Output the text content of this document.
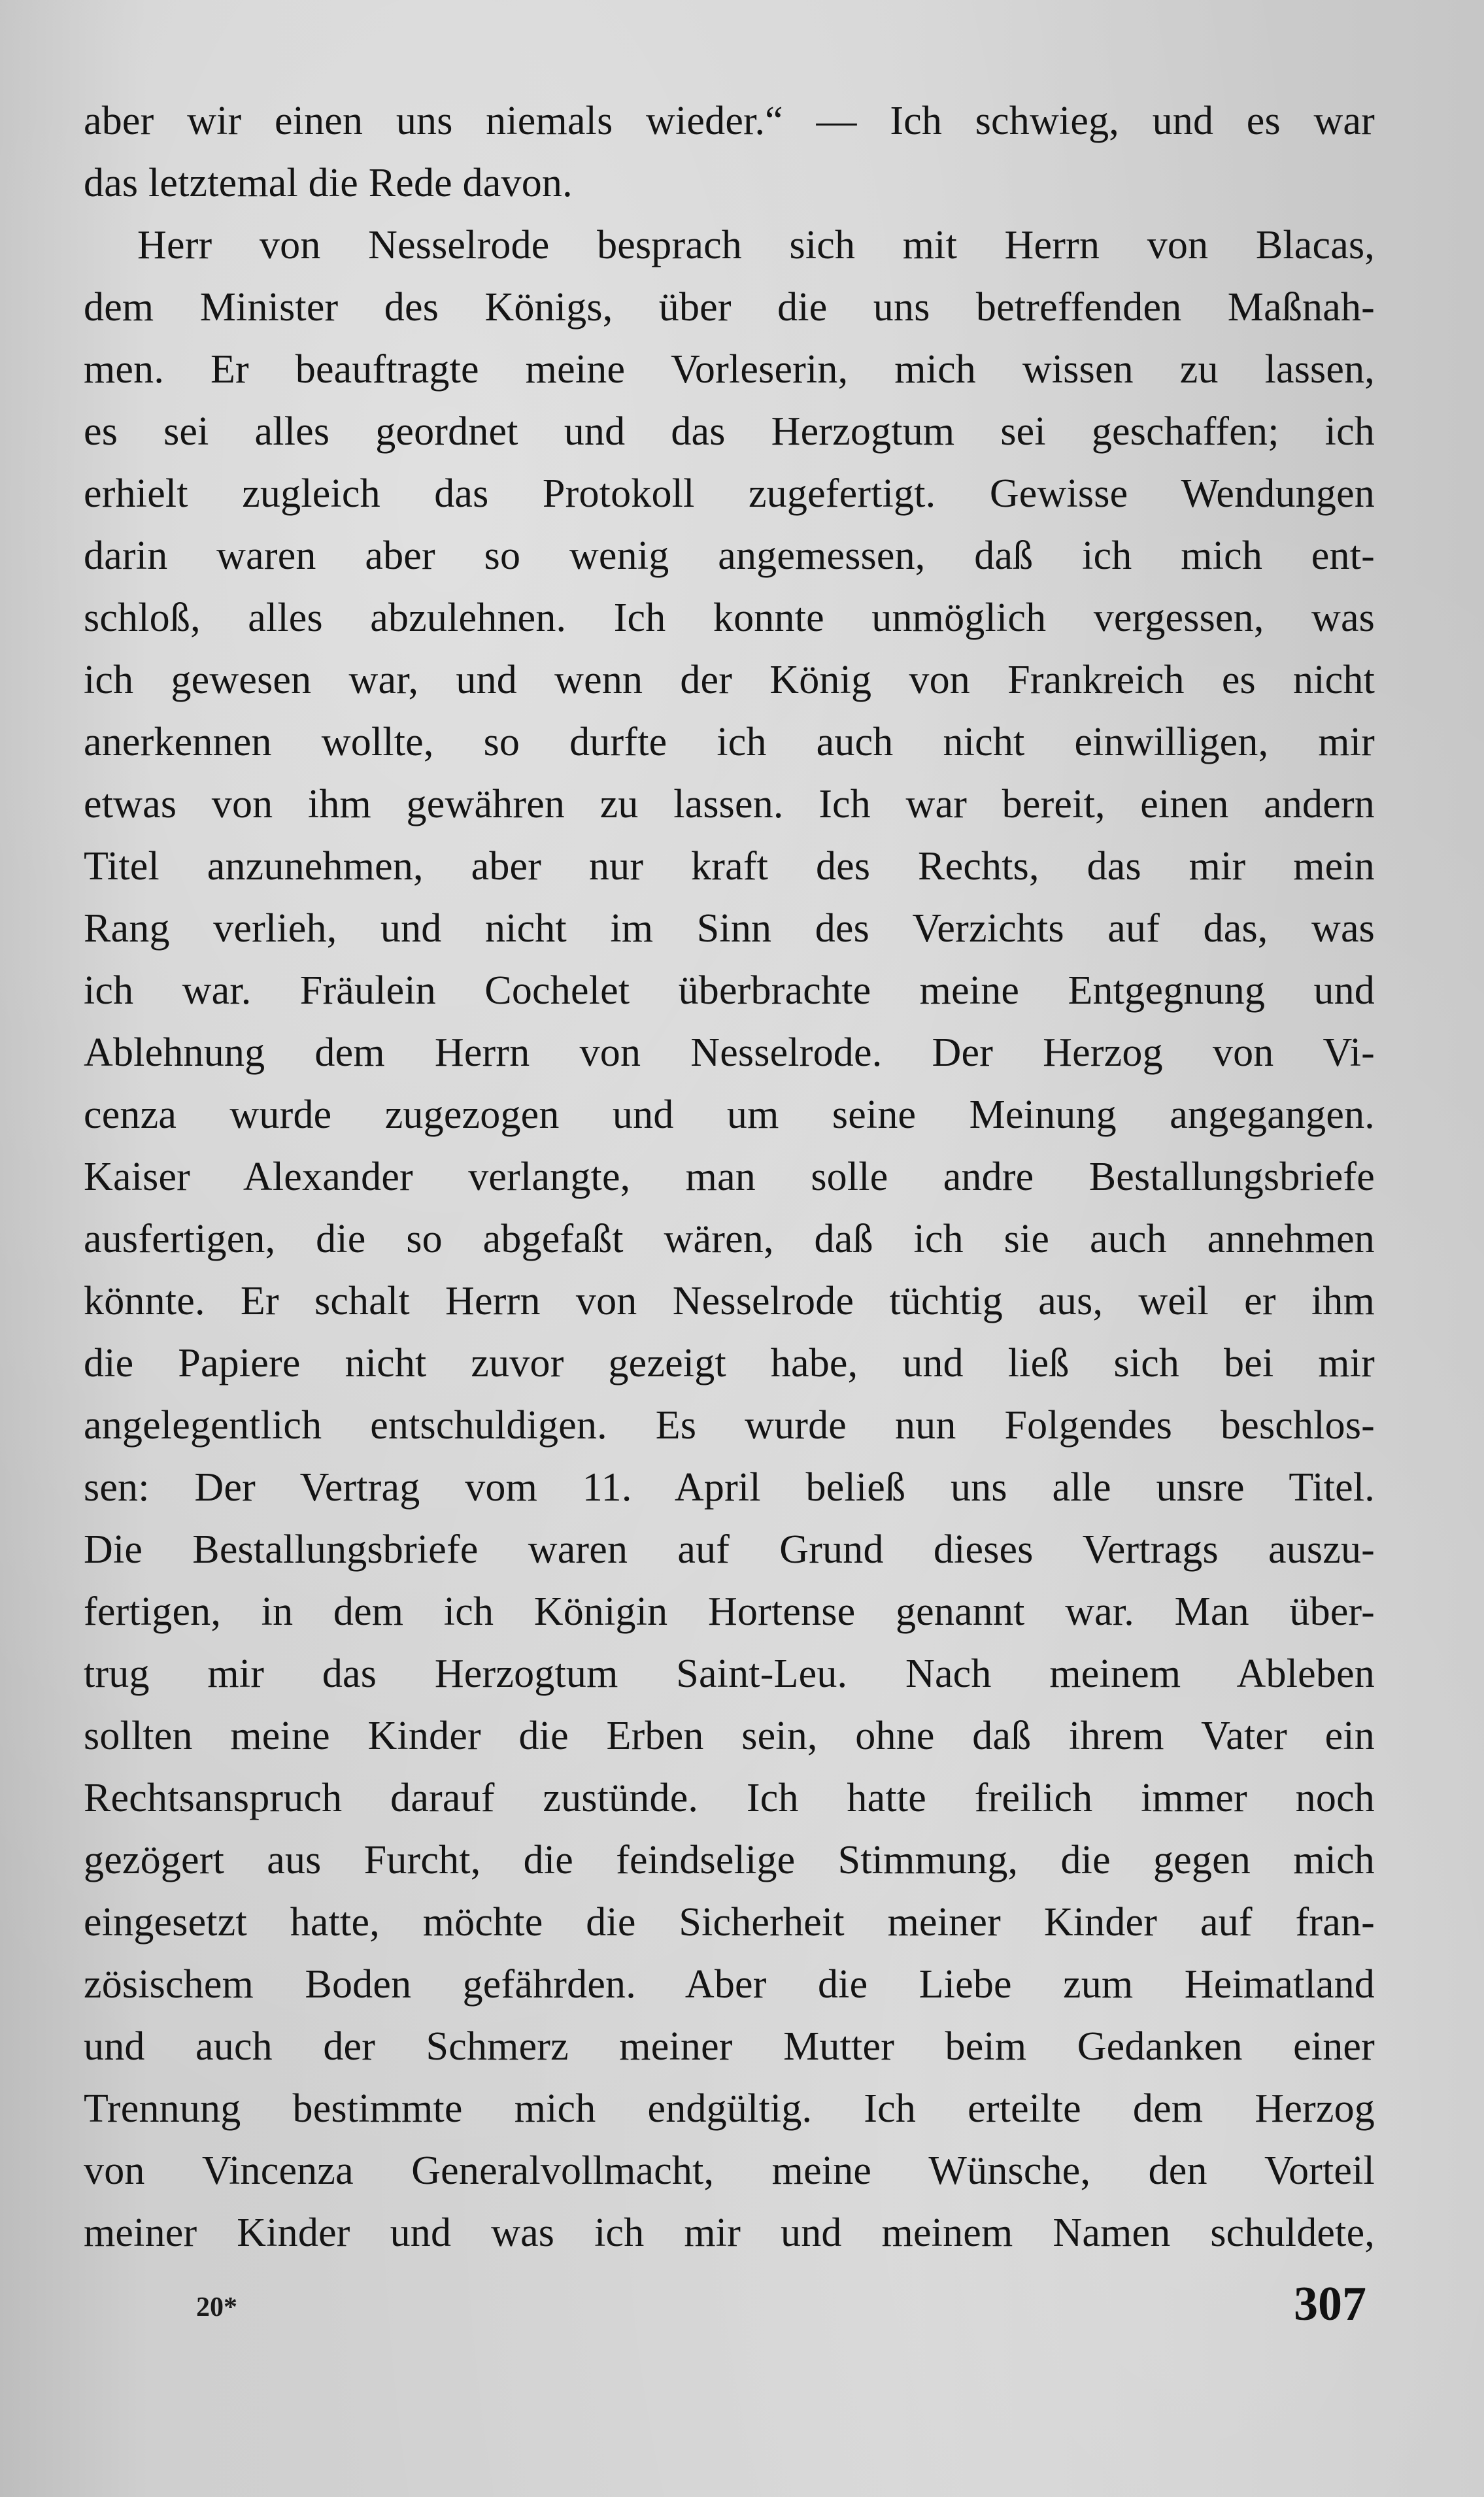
aber wir einen uns niemals wieder.“ — Ich schwieg, und es war
das letztemal die Rede davon.
Herr von Nesselrode besprach sich mit Herrn von Blacas,
dem Minister des Königs, über die uns betreffenden Maßnah-
men. Er beauftragte meine Vorleserin, mich wissen zu lassen,
es sei alles geordnet und das Herzogtum sei geschaffen; ich
erhielt zugleich das Protokoll zugefertigt. Gewisse Wendungen
darin waren aber so wenig angemessen, daß ich mich ent-
schloß, alles abzulehnen. Ich konnte unmöglich vergessen, was
ich gewesen war, und wenn der König von Frankreich es nicht
anerkennen wollte, so durfte ich auch nicht einwilligen, mir
etwas von ihm gewähren zu lassen. Ich war bereit, einen andern
Titel anzunehmen, aber nur kraft des Rechts, das mir mein
Rang verlieh, und nicht im Sinn des Verzichts auf das, was
ich war. Fräulein Cochelet überbrachte meine Entgegnung und
Ablehnung dem Herrn von Nesselrode. Der Herzog von Vi-
cenza wurde zugezogen und um seine Meinung angegangen.
Kaiser Alexander verlangte, man solle andre Bestallungsbriefe
ausfertigen, die so abgefaßt wären, daß ich sie auch annehmen
könnte. Er schalt Herrn von Nesselrode tüchtig aus, weil er ihm
die Papiere nicht zuvor gezeigt habe, und ließ sich bei mir
angelegentlich entschuldigen. Es wurde nun Folgendes beschlos-
sen: Der Vertrag vom 11. April beließ uns alle unsre Titel.
Die Bestallungsbriefe waren auf Grund dieses Vertrags auszu-
fertigen, in dem ich Königin Hortense genannt war. Man über-
trug mir das Herzogtum Saint-Leu. Nach meinem Ableben
sollten meine Kinder die Erben sein, ohne daß ihrem Vater ein
Rechtsanspruch darauf zustünde. Ich hatte freilich immer noch
gezögert aus Furcht, die feindselige Stimmung, die gegen mich
eingesetzt hatte, möchte die Sicherheit meiner Kinder auf fran-
zösischem Boden gefährden. Aber die Liebe zum Heimatland
und auch der Schmerz meiner Mutter beim Gedanken einer
Trennung bestimmte mich endgültig. Ich erteilte dem Herzog
von Vincenza Generalvollmacht, meine Wünsche, den Vorteil
meiner Kinder und was ich mir und meinem Namen schuldete,
20*	307
